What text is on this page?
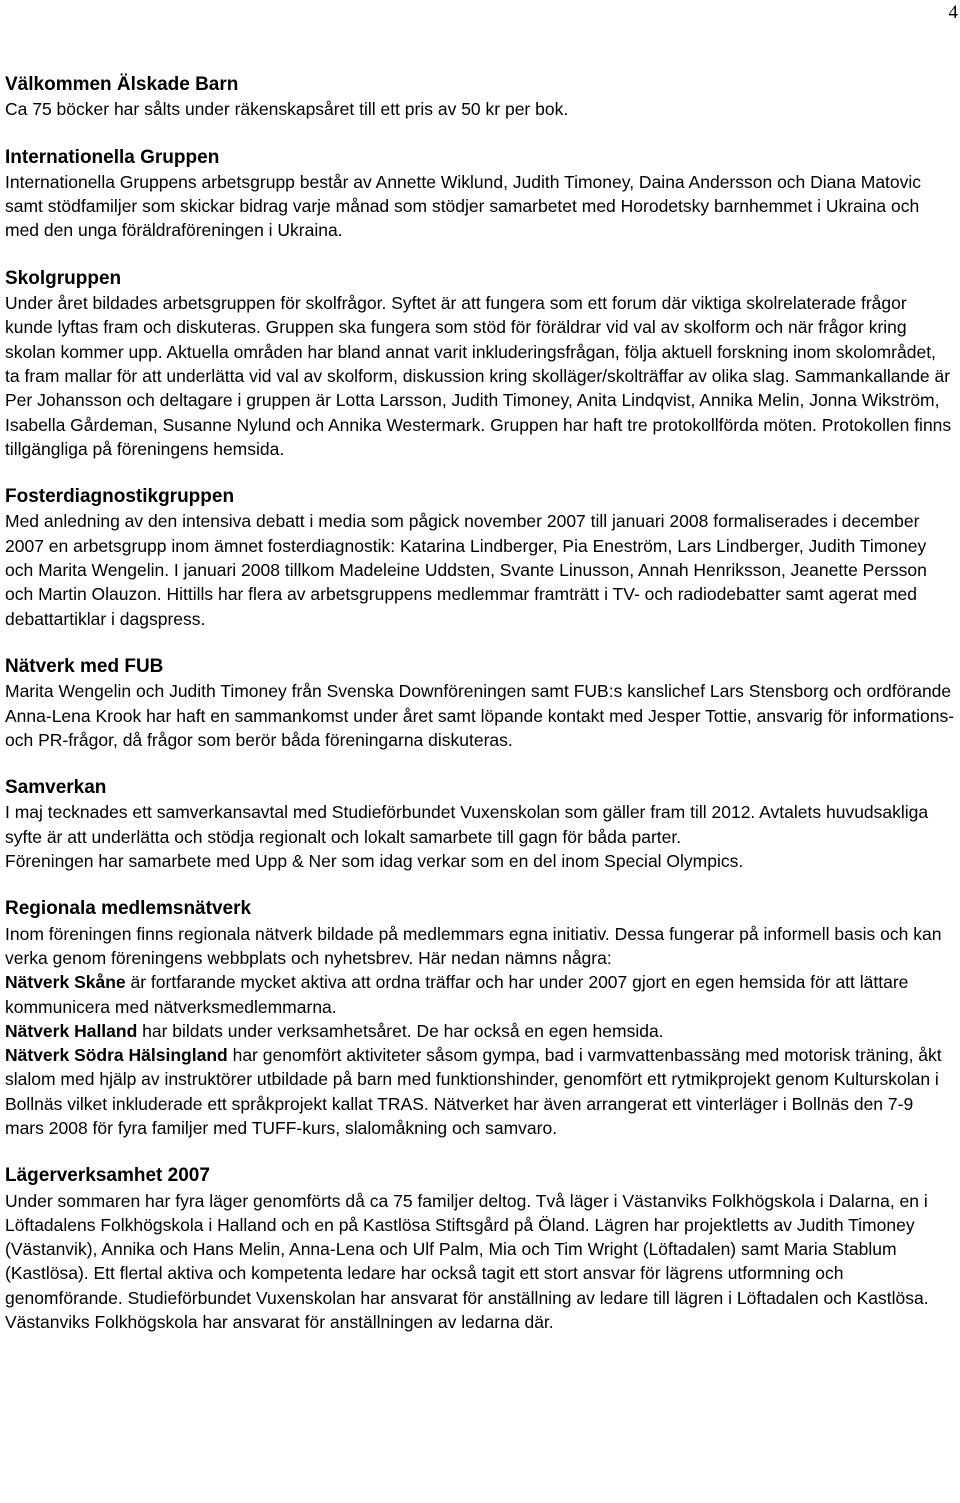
4
Välkommen Älskade Barn

Ca 75 böcker har sålts under räkenskapsåret till ett pris av 50 kr per bok.

Internationella Gruppen

Internationella Gruppens arbetsgrupp består av Annette Wiklund, Judith Timoney, Daina Andersson och Diana Matovic samt stödfamiljer som skickar bidrag varje månad som stödjer samarbetet med Horodetsky barnhemmet i Ukraina och med den unga föräldraföreningen i Ukraina.

Skolgruppen

Under året bildades arbetsgruppen för skolfrågor. Syftet är att fungera som ett forum där viktiga skolrelaterade frågor kunde lyftas fram och diskuteras. Gruppen ska fungera som stöd för föräldrar vid val av skolform och när frågor kring skolan kommer upp. Aktuella områden har bland annat varit inkluderingsfrågan, följa aktuell forskning inom skolområdet, ta fram mallar för att underlätta vid val av skolform, diskussion kring skolläger/skolträffar av olika slag. Sammankallande är Per Johansson och deltagare i gruppen är Lotta Larsson, Judith Timoney, Anita Lindqvist, Annika Melin, Jonna Wikström, Isabella Gårdeman, Susanne Nylund och Annika Westermark. Gruppen har haft tre protokollförda möten. Protokollen finns tillgängliga på föreningens hemsida.

Fosterdiagnostikgruppen

Med anledning av den intensiva debatt i media som pågick november 2007 till januari 2008 formaliserades i december 2007 en arbetsgrupp inom ämnet fosterdiagnostik: Katarina Lindberger, Pia Eneström, Lars Lindberger, Judith Timoney och Marita Wengelin. I januari 2008 tillkom Madeleine Uddsten, Svante Linusson, Annah Henriksson, Jeanette Persson och Martin Olauzon. Hittills har flera av arbetsgruppens medlemmar framträtt i TV- och radiodebatter samt agerat med debattartiklar i dagspress.

Nätverk med FUB

Marita Wengelin och Judith Timoney från Svenska Downföreningen samt FUB:s kanslichef Lars Stensborg och ordförande Anna-Lena Krook har haft en sammankomst under året samt löpande kontakt med Jesper Tottie, ansvarig för informations- och PR-frågor, då frågor som berör båda föreningarna diskuteras.

Samverkan

I maj tecknades ett samverkansavtal med Studieförbundet Vuxenskolan som gäller fram till 2012. Avtalets huvudsakliga syfte är att underlätta och stödja regionalt och lokalt samarbete till gagn för båda parter.

Föreningen har samarbete med Upp & Ner som idag verkar som en del inom Special Olympics.

Regionala medlemsnätverk

Inom föreningen finns regionala nätverk bildade på medlemmars egna initiativ. Dessa fungerar på informell basis och kan verka genom föreningens webbplats och nyhetsbrev. Här nedan nämns några:

Nätverk Skåne är fortfarande mycket aktiva att ordna träffar och har under 2007 gjort en egen hemsida för att lättare kommunicera med nätverksmedlemmarna.

Nätverk Halland har bildats under verksamhetsåret. De har också en egen hemsida.

Nätverk Södra Hälsingland har genomfört aktiviteter såsom gympa, bad i varmvattenbassäng med motorisk träning, åkt slalom med hjälp av instruktörer utbildade på barn med funktionshinder, genomfört ett rytmikprojekt genom Kulturskolan i Bollnäs vilket inkluderade ett språkprojekt kallat TRAS. Nätverket har även arrangerat ett vinterläger i Bollnäs den 7-9 mars 2008 för fyra familjer med TUFF-kurs, slalomåkning och samvaro.

Lägerverksamhet 2007

Under sommaren har fyra läger genomförts då ca 75 familjer deltog. Två läger i Västanviks Folkhögskola i Dalarna, en i Löftadalens Folkhögskola i Halland och en på Kastlösa Stiftsgård på Öland. Lägren har projektletts av Judith Timoney (Västanvik), Annika och Hans Melin, Anna-Lena och Ulf Palm, Mia och Tim Wright (Löftadalen) samt Maria Stablum (Kastlösa). Ett flertal aktiva och kompetenta ledare har också tagit ett stort ansvar för lägrens utformning och genomförande. Studieförbundet Vuxenskolan har ansvarat för anställning av ledare till lägren i Löftadalen och Kastlösa. Västanviks Folkhögskola har ansvarat för anställningen av ledarna där.
